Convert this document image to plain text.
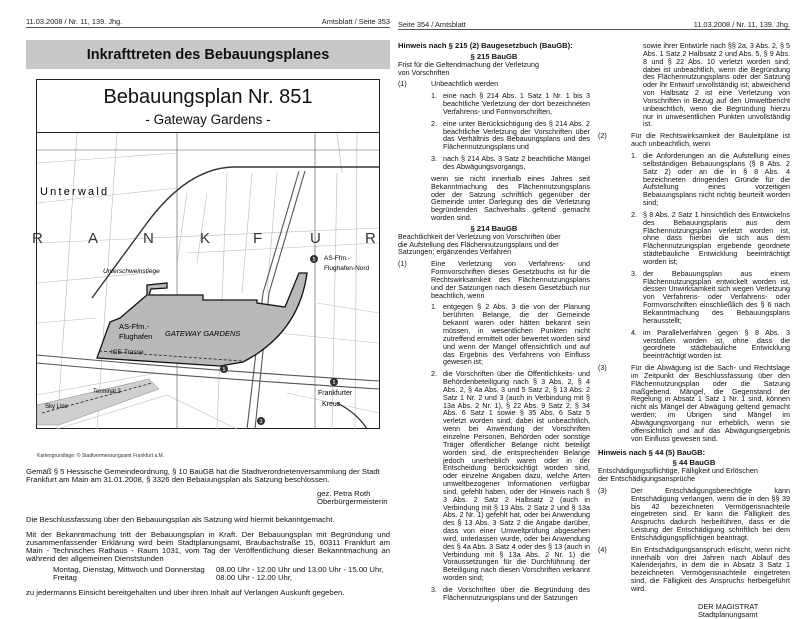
11.03.2008 / Nr. 11, 139. Jhg.	Amtsblatt / Seite 353
Inkrafttreten des Bebauungsplanes
Bebauungsplan Nr. 851
- Gateway Gardens -
Unterwald
R	A	N	K	F	U	R
Unterschweinstiege
AS-Ffm.-
Flughafen-Nord
AS-Ffm.-
Flughafen GATEWAY GARDENS
ICE-Trasse
Terminal 2
Sky Line
Frankfurter
Kreuz
5
5
3
5
Kartengrundlage: © Stadtvermessungsamt Frankfurt a.M.
Gemäß § 5 Hessische Gemeindeordnung, § 10 BauGB hat die Stadtverordnetenversammlung der Stadt Frankfurt am Main am 31.01.2008, § 3326 den Bebauungsplan als Satzung beschlossen.
gez. Petra Roth
Oberbürgermeisterin
Die Beschlussfassung über den Bebauungsplan als Satzung wird hiermit bekanntgemacht.
Mit der Bekanntmachung tritt der Bebauungsplan in Kraft. Der Bebauungsplan mit Begründung und zusammenfassender Erklärung wird beim Stadtplanungsamt, Braubachstraße 15, 60311 Frankfurt am Main - Technisches Rathaus - Raum 1031, vom Tag der Veröffentlichung dieser Bekanntmachung an während der allgemeinen Dienststunden
Montag, Dienstag, Mittwoch und Donnerstag 08.00 Uhr - 12.00 Uhr und 13.00 Uhr - 15.00 Uhr,
Freitag	08.00 Uhr - 12.00 Uhr,
zu jedermanns Einsicht bereitgehalten und über ihren Inhalt auf Verlangen Auskunft gegeben.
Seite 354 / Amtsblatt	11.03.2008 / Nr. 11, 139. Jhg.
Hinweis nach § 215 (2) Baugesetzbuch (BauGB):
§ 215 BauGB
Frist für die Geltendmachung der Verletzung
von Vorschriften
(1)	Unbeachtlich werden
1. eine nach § 214 Abs. 1 Satz 1 Nr. 1 bis 3 beachtliche Verletzung der dort bezeichneten Verfahrens- und Formvorschriften,
2. eine unter Berücksichtigung des § 214 Abs. 2 beachtliche Verletzung der Vorschriften über das Verhältnis des Bebauungsplans und des Flächennutzungsplans und
3. nach § 214 Abs. 3 Satz 2 beachtliche Mängel des Abwägungsvorgangs,
wenn sie nicht innerhalb eines Jahres seit Bekanntmachung des Flächennutzungsplans oder der Satzung schriftlich gegenüber der Gemeinde unter Darlegung des die Verletzung begründenden Sachverhalts geltend gemacht worden sind.
§ 214 BauGB
Beachtlichkeit der Verletzung von Vorschriften über
die Aufstellung des Flächennutzungsplans und der
Satzungen; ergänzendes Verfahren
(1)	Eine Verletzung von Verfahrens- und Formvorschriften dieses Gesetzbuchs ist für die Rechtswirksamkeit des Flächennutzungsplans und der Satzungen nach diesem Gesetzbuch nur beachtlich, wenn
1. entgegen § 2 Abs. 3 die von der Planung berührten Belange, die der Gemeinde bekannt waren oder hätten bekannt sein müssen, in wesentlichen Punkten nicht zutreffend ermittelt oder bewertet worden sind und wenn der Mangel offensichtlich und auf das Ergebnis des Verfahrens von Einfluss gewesen ist;
2. die Vorschriften über die Öffentlichkeits- und Behördenbeteiligung nach § 3 Abs. 2, § 4 Abs. 2, § 4a Abs. 3 und 5 Satz 2, § 13 Abs. 2 Satz 1 Nr. 2 und 3 (auch in Verbindung mit § 13a Abs. 2 Nr. 1), § 22 Abs. 9 Satz 2, § 34 Abs. 6 Satz 1 sowie § 35 Abs. 6 Satz 5 verletzt worden sind; dabei ist unbeachtlich, wenn bei Anwendung der Vorschriften einzelne Personen, Behörden oder sonstige Träger öffentlicher Belange nicht beteiligt worden sind, die entsprechenden Belange jedoch unerheblich waren oder in der Entscheidung berücksichtigt worden sind, oder einzelne Angaben dazu, welche Arten umweltbezogener Informationen verfügbar sind, gefehlt haben, oder der Hinweis nach § 3 Abs. 2 Satz 2 Halbsatz 2 (auch in Verbindung mit § 13 Abs. 2 Satz 2 und § 13a Abs. 2 Nr. 1) gefehlt hat, oder bei Anwendung des § 13 Abs. 3 Satz 2 die Angabe darüber, dass von einer Umweltprüfung abgesehen wird, unterlassen wurde, oder bei Anwendung des § 4a Abs. 3 Satz 4 oder des § 13 (auch in Verbindung mit § 13a Abs. 2 Nr. 1) die Voraussetzungen für die Durchführung der Beteiligung nach diesen Vorschriften verkannt worden sind;
3. die Vorschriften über die Begründung des Flächennutzungsplans und der Satzungen
sowie ihrer Entwürfe nach §§ 2a, 3 Abs. 2, § 5 Abs. 1 Satz 2 Halbsatz 2 und Abs. 5, § 9 Abs. 8 und § 22 Abs. 10 verletzt worden sind; dabei ist unbeachtlich, wenn die Begründung des Flächennutzungsplans oder der Satzung oder ihr Entwurf unvollständig ist; abweichend von Halbsatz 2 ist eine Verletzung von Vorschriften in Bezug auf den Umweltbericht unbeachtlich, wenn die Begründung hierzu nur in unwesentlichen Punkten unvollständig ist.
(2)	Für die Rechtswirksamkeit der Bauleitpläne ist auch unbeachtlich, wenn
1. die Anforderungen an die Aufstellung eines selbständigen Bebauungsplans (§ 8 Abs. 2 Satz 2) oder an die in § 8 Abs. 4 bezeichneten dringenden Gründe für die Aufstellung eines vorzeitigen Bebauungsplans nicht richtig beurteilt worden sind;
2. § 8 Abs. 2 Satz 1 hinsichtlich des Entwickelns des Bebauungsplans aus dem Flächennutzungsplan verletzt worden ist, ohne dass hierbei die sich aus dem Flächennutzungsplan ergebende geordnete städtebauliche Entwicklung beeinträchtigt worden ist;
3. der Bebauungsplan aus einem Flächennutzungsplan entwickelt worden ist, dessen Unwirksamkeit sich wegen Verletzung von Verfahrens- oder Verfahrens- oder Formvorschriften einschließlich des § 6 nach Bekanntmachung des Bebauungsplans herausstellt;
4. im Parallelverfahren gegen § 8 Abs. 3 verstoßen worden ist, ohne dass die geordnete städtebauliche Entwicklung beeinträchtigt worden ist.
(3)	Für die Abwägung ist die Sach- und Rechtslage im Zeitpunkt der Beschlussfassung über den Flächennutzungsplan oder die Satzung maßgebend. Mängel, die Gegenstand der Regelung in Absatz 1 Satz 1 Nr. 1 sind, können nicht als Mängel der Abwägung geltend gemacht werden; im Übrigen sind Mängel im Abwägungsvorgang nur erheblich, wenn sie offensichtlich und auf das Abwägungsergebnis von Einfluss gewesen sind.
Hinweis nach § 44 (5) BauGB:
§ 44 BauGB
Entschädigungspflichtige, Fälligkeit und Erlöschen
der Entschädigungsansprüche
(3)	Der Entschädigungsberechtigte kann Entschädigung verlangen, wenn die in den §§ 39 bis 42 bezeichneten Vermögensnachteile eingetreten sind. Er kann die Fälligkeit des Anspruchs dadurch herbeiführen, dass er die Leistung der Entschädigung schriftlich bei dem Entschädigungspflichtigen beantragt.
(4)	Ein Entschädigungsanspruch erlischt, wenn nicht innerhalb von drei Jahren nach Ablauf des Kalenderjahrs, in dem die in Absatz 3 Satz 1 bezeichneten Vermögensnachteile eingetreten sind, die Fälligkeit des Anspruchs herbeigeführt wird.
DER MAGISTRAT
Stadtplanungsamt
